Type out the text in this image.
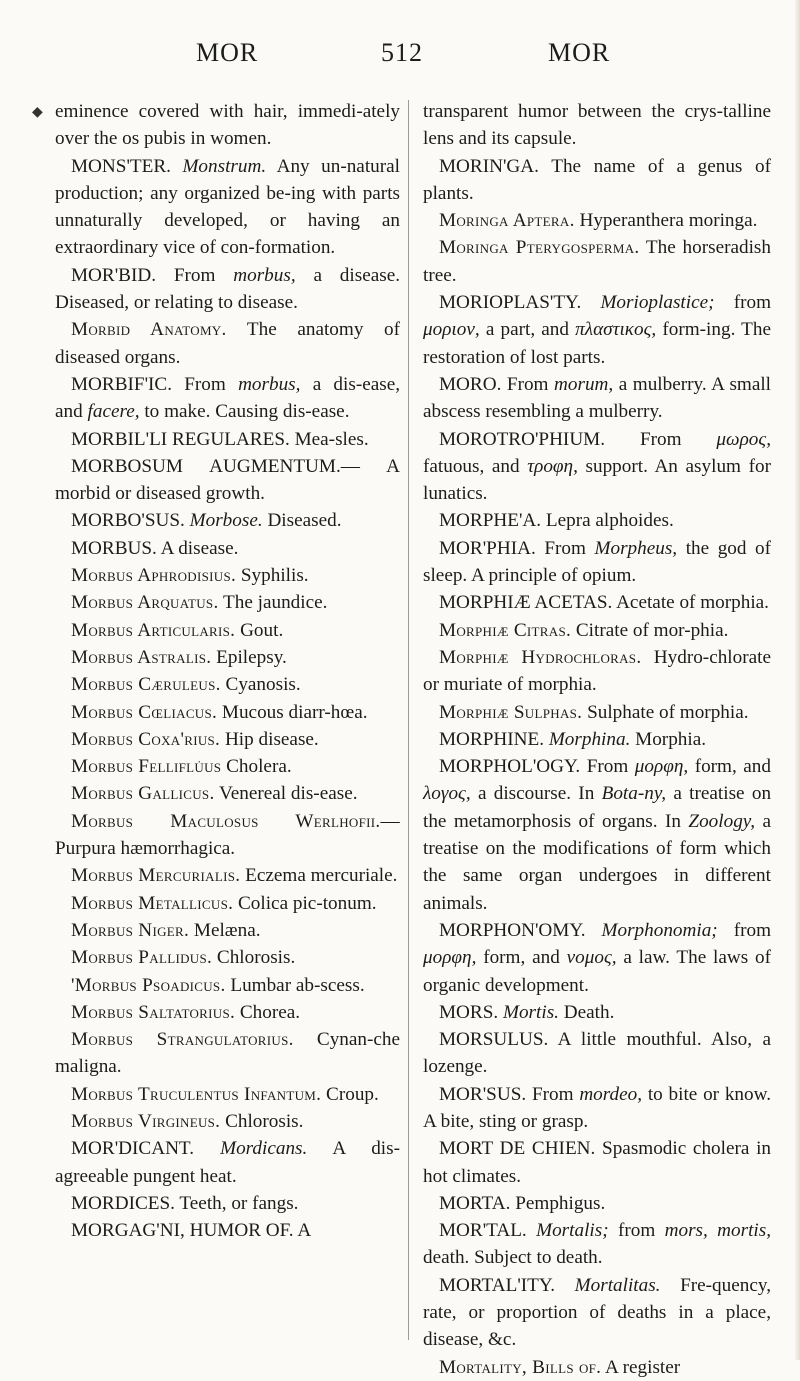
MOR	512	MOR
◆ eminence covered with hair, immedi-ately over the os pubis in women.

MONS'TER. Monstrum. Any un-natural production; any organized be-ing with parts unnaturally developed, or having an extraordinary vice of con-formation.

MOR'BID. From morbus, a disease. Diseased, or relating to disease.

Morbid Anatomy. The anatomy of diseased organs.

MORBIF'IC. From morbus, a dis-ease, and facere, to make. Causing dis-ease.

MORBIL'LI REGULARES. Mea-sles.

MORBOSUM AUGMENTUM.— A morbid or diseased growth.

MORBO'SUS. Morbose. Diseased.

MORBUS. A disease.

Morbus Aphrodisius. Syphilis.

Morbus Arquatus. The jaundice.

Morbus Articularis. Gout.

Morbus Astralis. Epilepsy.

Morbus Cæruleus. Cyanosis.

Morbus Cœliacus. Mucous diarr-hœa.

Morbus Coxa'rius. Hip disease.

Morbus Felliflu̇us Cholera.

Morbus Gallicus. Venereal dis-ease.

Morbus Maculosus Werlhofii.— Purpura hæmorrhagica.

Morbus Mercurialis. Eczema mercuriale.

Morbus Metallicus. Colica pic-tonum.

Morbus Niger. Melæna.

Morbus Pallidus. Chlorosis.

'Morbus Psoadicus. Lumbar ab-scess.

Morbus Saltatorius. Chorea.

Morbus Strangulatorius. Cynan-che maligna.

Morbus Truculentus Infantum. Croup.

Morbus Virgineus. Chlorosis.

MOR'DICANT. Mordicans. A dis-agreeable pungent heat.

MORDICES. Teeth, or fangs.

MORGAG'NI, HUMOR OF. A

transparent humor between the crys-talline lens and its capsule.

MORIN'GA. The name of a genus of plants.

Moringa Aptera. Hyperanthera moringa.

Moringa Pterygosperma. The horseradish tree.

MORIOPLAS'TY. Morioplastice; from μοριον, a part, and πλαστικος, form-ing. The restoration of lost parts.

MORO. From morum, a mulberry. A small abscess resembling a mulberry.

MOROTRO'PHIUM. From μωρος, fatuous, and τροφη, support. An asylum for lunatics.

MORPHE'A. Lepra alphoides.

MOR'PHIA. From Morpheus, the god of sleep. A principle of opium.

MORPHIÆ ACETAS. Acetate of morphia.

Morphiæ Citras. Citrate of mor-phia.

Morphiæ Hydrochloras. Hydro-chlorate or muriate of morphia.

Morphiæ Sulphas. Sulphate of morphia.

MORPHINE. Morphina. Morphia.

MORPHOL'OGY. From μορφη, form, and λογος, a discourse. In Bota-ny, a treatise on the metamorphosis of organs. In Zoology, a treatise on the modifications of form which the same organ undergoes in different animals.

MORPHON'OMY. Morphonomia; from μορφη, form, and νομος, a law. The laws of organic development.

MORS. Mortis. Death.

MORSULUS. A little mouthful. Also, a lozenge.

MOR'SUS. From mordeo, to bite or know. A bite, sting or grasp.

MORT DE CHIEN. Spasmodic cholera in hot climates.

MORTA. Pemphigus.

MOR'TAL. Mortalis; from mors, mortis, death. Subject to death.

MORTAL'ITY. Mortalitas. Fre-quency, rate, or proportion of deaths in a place, disease, &c.

Mortality, Bills of. A register
